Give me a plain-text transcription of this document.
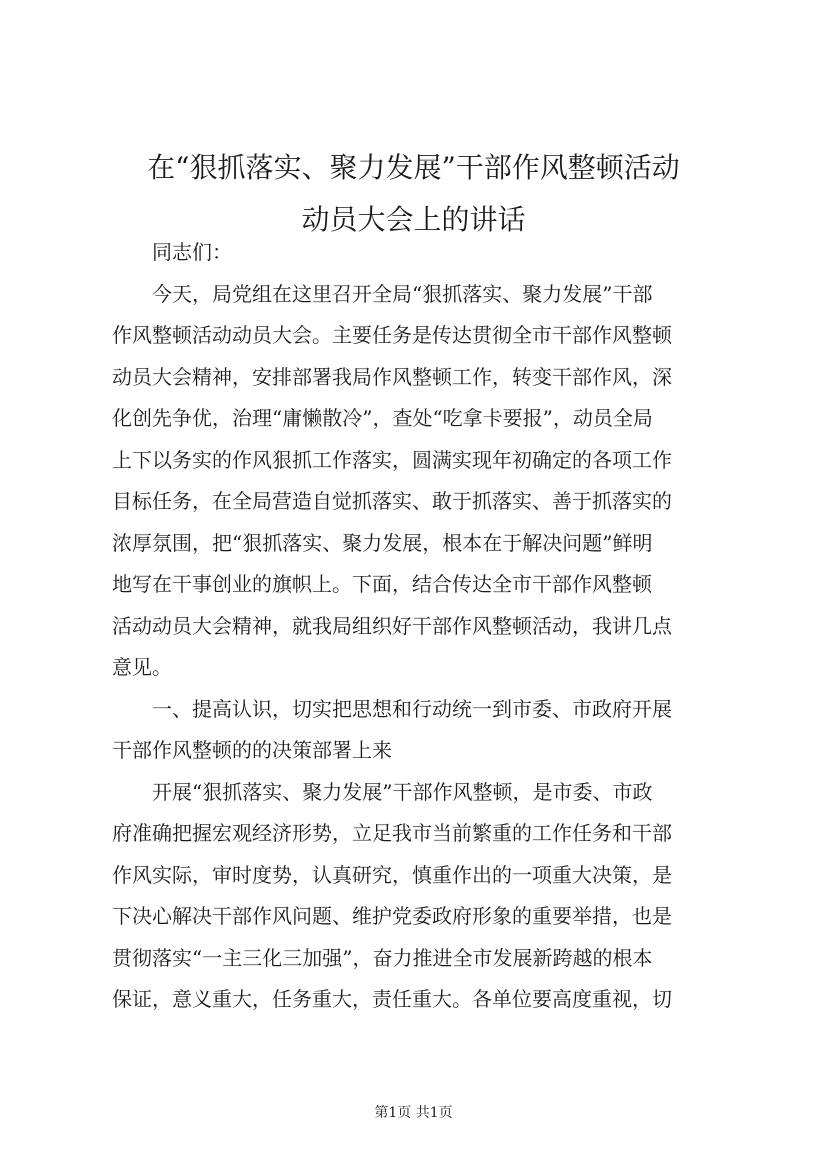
在“狠抓落实、聚力发展”干部作风整顿活动
动员大会上的讲话
同志们：
今天，局党组在这里召开全局“狠抓落实、聚力发展”干部
作风整顿活动动员大会。主要任务是传达贯彻全市干部作风整顿
动员大会精神，安排部署我局作风整顿工作，转变干部作风，深
化创先争优，治理“庸懒散冷”，查处“吃拿卡要报”，动员全局
上下以务实的作风狠抓工作落实，圆满实现年初确定的各项工作
目标任务，在全局营造自觉抓落实、敢于抓落实、善于抓落实的
浓厚氛围，把“狠抓落实、聚力发展，根本在于解决问题”鲜明
地写在干事创业的旗帜上。下面，结合传达全市干部作风整顿
活动动员大会精神，就我局组织好干部作风整顿活动，我讲几点
意见。
一、提高认识，切实把思想和行动统一到市委、市政府开展
干部作风整顿的的决策部署上来
开展“狠抓落实、聚力发展”干部作风整顿，是市委、市政
府准确把握宏观经济形势，立足我市当前繁重的工作任务和干部
作风实际，审时度势，认真研究，慎重作出的一项重大决策，是
下决心解决干部作风问题、维护党委政府形象的重要举措，也是
贯彻落实“一主三化三加强”，奋力推进全市发展新跨越的根本
保证，意义重大，任务重大，责任重大。各单位要高度重视，切
第1页 共1页
